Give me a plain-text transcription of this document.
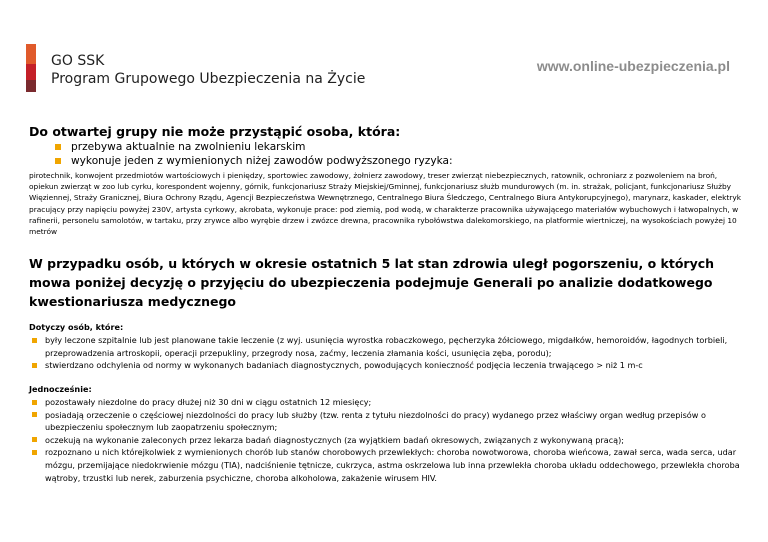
GO SSK
Program Grupowego Ubezpieczenia na Życie
www.online-ubezpieczenia.pl
Do otwartej grupy nie może przystąpić osoba, która:
przebywa aktualnie na zwolnieniu lekarskim
wykonuje jeden z wymienionych niżej zawodów podwyższonego ryzyka:

pirotechnik, konwojent przedmiotów wartościowych i pieniędzy, sportowiec zawodowy, żołnierz zawodowy, treser zwierząt niebezpiecznych, ratownik, ochroniarz z pozwoleniem na broń, opiekun zwierząt w zoo lub cyrku, korespondent wojenny, górnik, funkcjonariusz Straży Miejskiej/Gminnej, funkcjonariusz służb mundurowych (m. in. strażak, policjant, funkcjonariusz Służby Więziennej, Straży Granicznej, Biura Ochrony Rządu, Agencji Bezpieczeństwa Wewnętrznego, Centralnego Biura Śledczego, Centralnego Biura Antykorupcyjnego), marynarz, kaskader, elektryk pracujący przy napięciu powyżej 230V, artysta cyrkowy, akrobata, wykonuje prace: pod ziemią, pod wodą, w charakterze pracownika używającego materiałów wybuchowych i łatwopalnych, w rafinerii, personelu samolotów, w tartaku, przy zrywce albo wyrębie drzew i zwózce drewna, pracownika rybołówstwa dalekomorskiego, na platformie wiertniczej, na wysokościach powyżej 10 metrów

W przypadku osób, u których w okresie ostatnich 5 lat stan zdrowia uległ pogorszeniu, o których mowa poniżej decyzję o przyjęciu do ubezpieczenia podejmuje Generali po analizie dodatkowego kwestionariusza medycznego

Dotyczy osób, które:

były leczone szpitalnie lub jest planowane takie leczenie (z wyj. usunięcia wyrostka robaczkowego, pęcherzyka żółciowego, migdałków, hemoroidów, łagodnych torbieli, przeprowadzenia artroskopii, operacji przepukliny, przegrody nosa, zaćmy, leczenia złamania kości, usunięcia zęba, porodu);
stwierdzano odchylenia od normy w wykonanych badaniach diagnostycznych, powodujących konieczność podjęcia leczenia trwającego > niż 1 m-c

Jednocześnie:

pozostawały niezdolne do pracy dłużej niż 30 dni w ciągu ostatnich 12 miesięcy;
posiadają orzeczenie o częściowej niezdolności do pracy lub służby (tzw. renta z tytułu niezdolności do pracy) wydanego przez właściwy organ według przepisów o ubezpieczeniu społecznym lub zaopatrzeniu społecznym;
oczekują na wykonanie zaleconych przez lekarza badań diagnostycznych (za wyjątkiem badań okresowych, związanych z wykonywaną pracą);
rozpoznano u nich którejkolwiek z wymienionych chorób lub stanów chorobowych przewlekłych: choroba nowotworowa, choroba wieńcowa, zawał serca, wada serca, udar mózgu, przemijające niedokrwienie mózgu (TIA), nadciśnienie tętnicze, cukrzyca, astma oskrzelowa lub inna przewlekła choroba układu oddechowego, przewlekła choroba wątroby, trzustki lub nerek, zaburzenia psychiczne, choroba alkoholowa, zakażenie wirusem HIV.
